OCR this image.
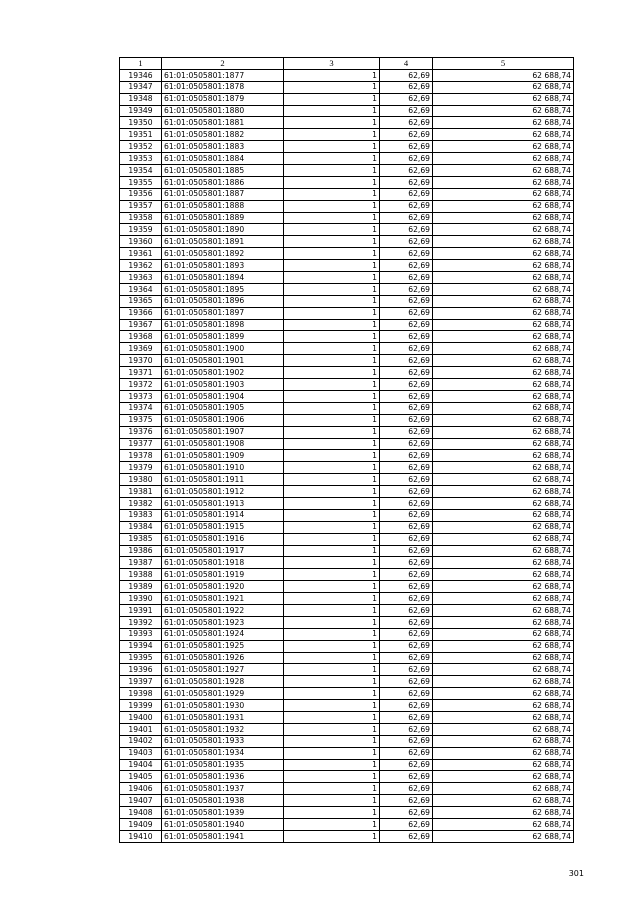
1	2	3	4	5
19346	61:01:0505801:1877	1	62,69	62 688,74
19347	61:01:0505801:1878	1	62,69	62 688,74
19348	61:01:0505801:1879	1	62,69	62 688,74
19349	61:01:0505801:1880	1	62,69	62 688,74
19350	61:01:0505801:1881	1	62,69	62 688,74
19351	61:01:0505801:1882	1	62,69	62 688,74
19352	61:01:0505801:1883	1	62,69	62 688,74
19353	61:01:0505801:1884	1	62,69	62 688,74
19354	61:01:0505801:1885	1	62,69	62 688,74
19355	61:01:0505801:1886	1	62,69	62 688,74
19356	61:01:0505801:1887	1	62,69	62 688,74
19357	61:01:0505801:1888	1	62,69	62 688,74
19358	61:01:0505801:1889	1	62,69	62 688,74
19359	61:01:0505801:1890	1	62,69	62 688,74
19360	61:01:0505801:1891	1	62,69	62 688,74
19361	61:01:0505801:1892	1	62,69	62 688,74
19362	61:01:0505801:1893	1	62,69	62 688,74
19363	61:01:0505801:1894	1	62,69	62 688,74
19364	61:01:0505801:1895	1	62,69	62 688,74
19365	61:01:0505801:1896	1	62,69	62 688,74
19366	61:01:0505801:1897	1	62,69	62 688,74
19367	61:01:0505801:1898	1	62,69	62 688,74
19368	61:01:0505801:1899	1	62,69	62 688,74
19369	61:01:0505801:1900	1	62,69	62 688,74
19370	61:01:0505801:1901	1	62,69	62 688,74
19371	61:01:0505801:1902	1	62,69	62 688,74
19372	61:01:0505801:1903	1	62,69	62 688,74
19373	61:01:0505801:1904	1	62,69	62 688,74
19374	61:01:0505801:1905	1	62,69	62 688,74
19375	61:01:0505801:1906	1	62,69	62 688,74
19376	61:01:0505801:1907	1	62,69	62 688,74
19377	61:01:0505801:1908	1	62,69	62 688,74
19378	61:01:0505801:1909	1	62,69	62 688,74
19379	61:01:0505801:1910	1	62,69	62 688,74
19380	61:01:0505801:1911	1	62,69	62 688,74
19381	61:01:0505801:1912	1	62,69	62 688,74
19382	61:01:0505801:1913	1	62,69	62 688,74
19383	61:01:0505801:1914	1	62,69	62 688,74
19384	61:01:0505801:1915	1	62,69	62 688,74
19385	61:01:0505801:1916	1	62,69	62 688,74
19386	61:01:0505801:1917	1	62,69	62 688,74
19387	61:01:0505801:1918	1	62,69	62 688,74
19388	61:01:0505801:1919	1	62,69	62 688,74
19389	61:01:0505801:1920	1	62,69	62 688,74
19390	61:01:0505801:1921	1	62,69	62 688,74
19391	61:01:0505801:1922	1	62,69	62 688,74
19392	61:01:0505801:1923	1	62,69	62 688,74
19393	61:01:0505801:1924	1	62,69	62 688,74
19394	61:01:0505801:1925	1	62,69	62 688,74
19395	61:01:0505801:1926	1	62,69	62 688,74
19396	61:01:0505801:1927	1	62,69	62 688,74
19397	61:01:0505801:1928	1	62,69	62 688,74
19398	61:01:0505801:1929	1	62,69	62 688,74
19399	61:01:0505801:1930	1	62,69	62 688,74
19400	61:01:0505801:1931	1	62,69	62 688,74
19401	61:01:0505801:1932	1	62,69	62 688,74
19402	61:01:0505801:1933	1	62,69	62 688,74
19403	61:01:0505801:1934	1	62,69	62 688,74
19404	61:01:0505801:1935	1	62,69	62 688,74
19405	61:01:0505801:1936	1	62,69	62 688,74
19406	61:01:0505801:1937	1	62,69	62 688,74
19407	61:01:0505801:1938	1	62,69	62 688,74
19408	61:01:0505801:1939	1	62,69	62 688,74
19409	61:01:0505801:1940	1	62,69	62 688,74
19410	61:01:0505801:1941	1	62,69	62 688,74
301
